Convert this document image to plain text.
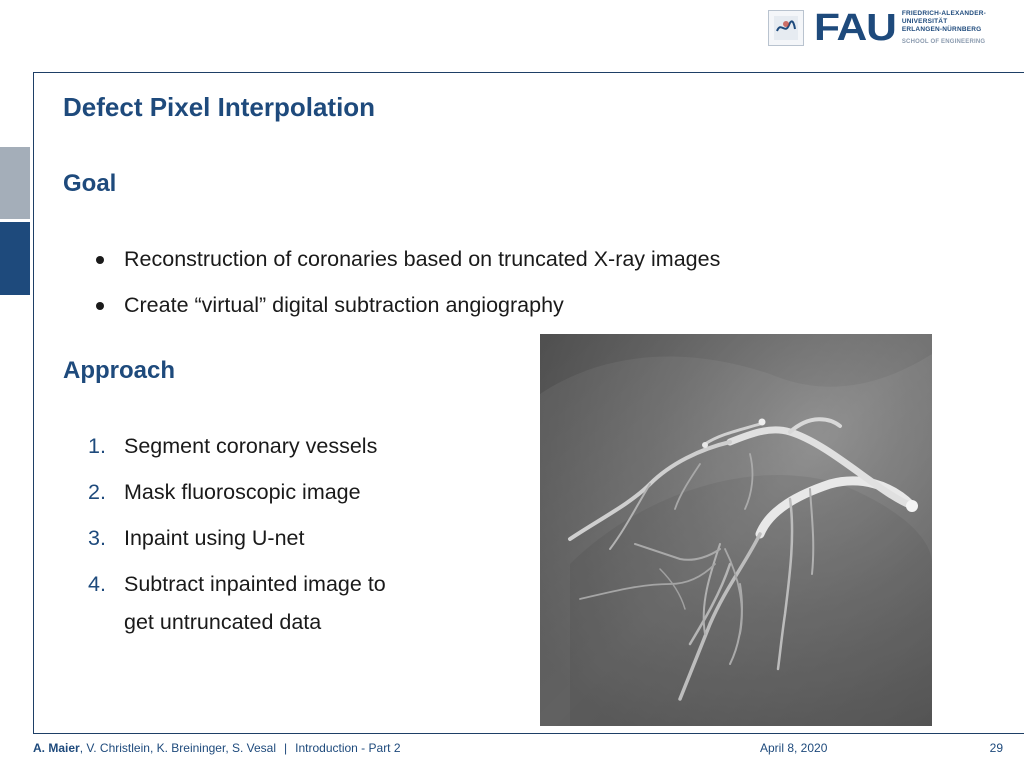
FAU FRIEDRICH-ALEXANDER-
UNIVERSITÄT
ERLANGEN-NÜRNBERG
SCHOOL OF ENGINEERING
Defect Pixel Interpolation
Goal
Reconstruction of coronaries based on truncated X-ray images
Create “virtual” digital subtraction angiography
Approach
1. Segment coronary vessels
2. Mask fluoroscopic image
3. Inpaint using U-net
4. Subtract inpainted image to
get untruncated data
A. Maier, V. Christlein, K. Breininger, S. Vesal | Introduction - Part 2	April 8, 2020	29
